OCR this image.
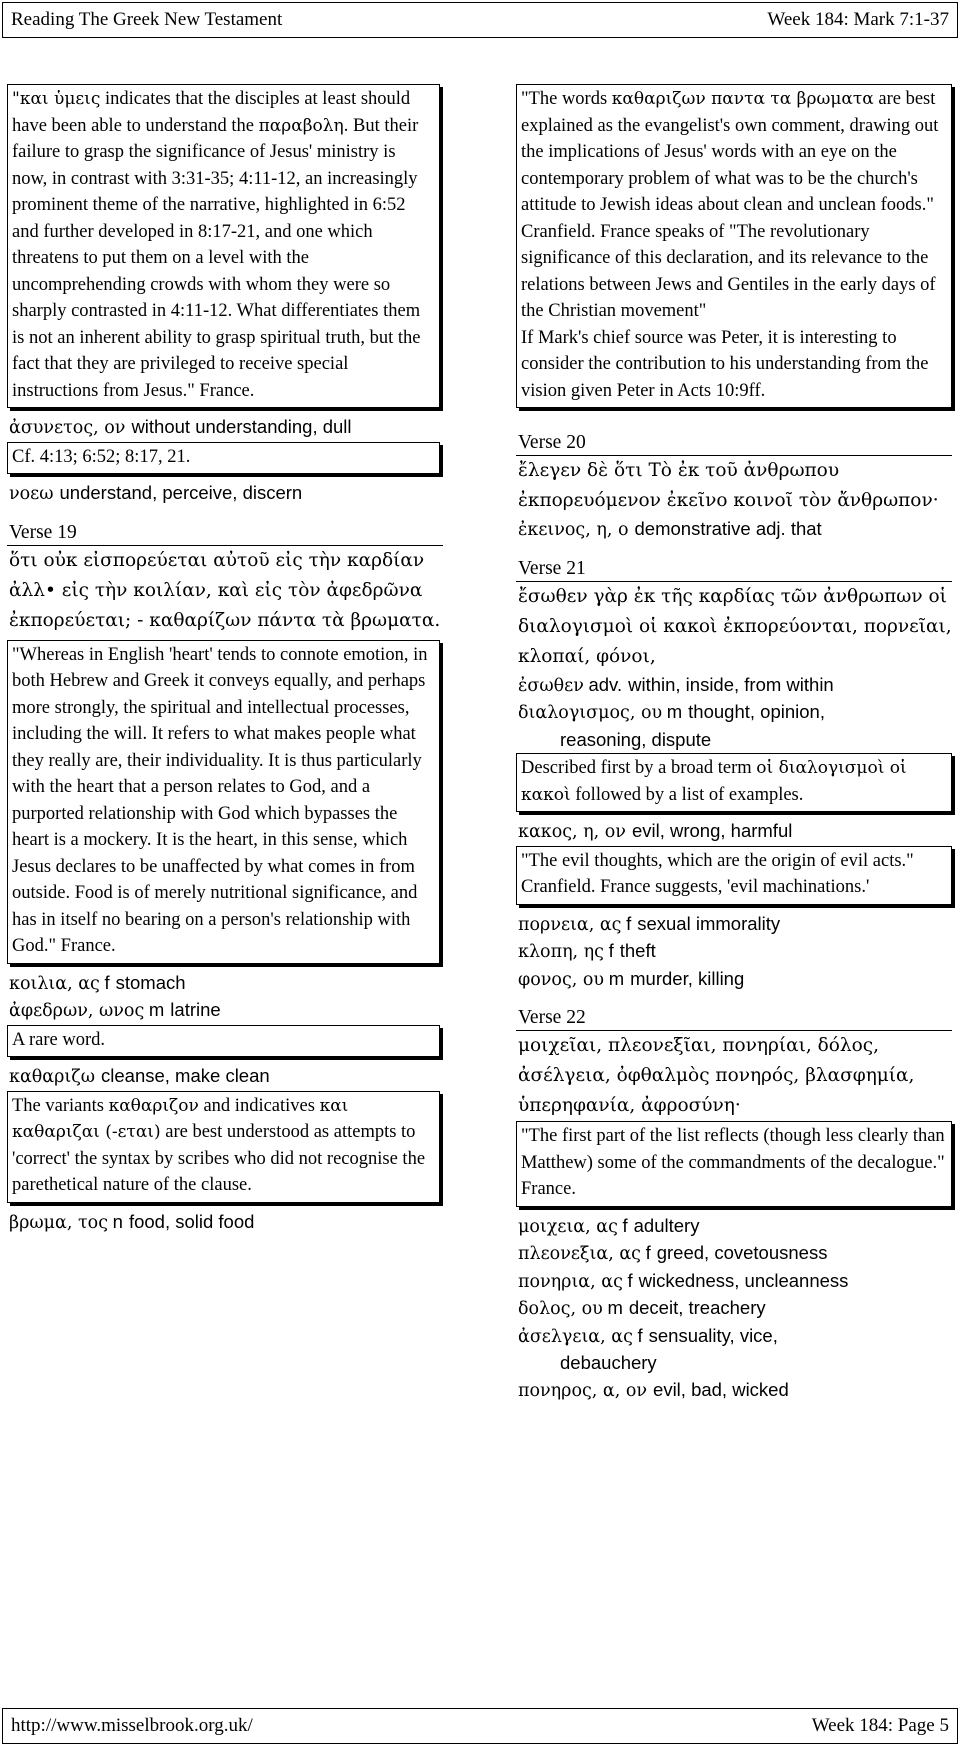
Reading The Greek New Testament	Week 184: Mark 7:1-37
"και ὑμεις indicates that the disciples at least should have been able to understand the παραβολη. But their failure to grasp the significance of Jesus' ministry is now, in contrast with 3:31-35; 4:11-12, an increasingly prominent theme of the narrative, highlighted in 6:52 and further developed in 8:17-21, and one which threatens to put them on a level with the uncomprehending crowds with whom they were so sharply contrasted in 4:11-12. What differentiates them is not an inherent ability to grasp spiritual truth, but the fact that they are privileged to receive special instructions from Jesus." France.
ἀσυνετος, ον without understanding, dull
Cf. 4:13; 6:52; 8:17, 21.
νοεω understand, perceive, discern
Verse 19
ὅτι οὐκ εἰσπορεύεται αὐτοῦ εἰς τὴν καρδίαν ἀλλ• εἰς τὴν κοιλίαν, καὶ εἰς τὸν ἀφεδρῶνα ἐκπορεύεται; - καθαρίζων πάντα τὰ βρωματα.
"Whereas in English 'heart' tends to connote emotion, in both Hebrew and Greek it conveys equally, and perhaps more strongly, the spiritual and intellectual processes, including the will. It refers to what makes people what they really are, their individuality. It is thus particularly with the heart that a person relates to God, and a purported relationship with God which bypasses the heart is a mockery. It is the heart, in this sense, which Jesus declares to be unaffected by what comes in from outside. Food is of merely nutritional significance, and has in itself no bearing on a person's relationship with God." France.
κοιλια, ας f stomach
ἀφεδρων, ωνος m latrine
A rare word.
καθαριζω cleanse, make clean
The variants καθαριζον and indicatives και καθαριζαι (-εται) are best understood as attempts to 'correct' the syntax by scribes who did not recognise the parethetical nature of the clause.
βρωμα, τος n food, solid food
"The words καθαριζων παντα τα βρωματα are best explained as the evangelist's own comment, drawing out the implications of Jesus' words with an eye on the contemporary problem of what was to be the church's attitude to Jewish ideas about clean and unclean foods." Cranfield. France speaks of "The revolutionary significance of this declaration, and its relevance to the relations between Jews and Gentiles in the early days of the Christian movement"
If Mark's chief source was Peter, it is interesting to consider the contribution to his understanding from the vision given Peter in Acts 10:9ff.
Verse 20
ἔλεγεν δὲ ὅτι Τὸ ἐκ τοῦ ἀνθρωπου ἐκπορευόμενον ἐκεῖνο κοινοῖ τὸν ἄνθρωπον·
ἐκεινος, η, ο demonstrative adj. that
Verse 21
ἔσωθεν γὰρ ἐκ τῆς καρδίας τῶν ἀνθρωπων οἱ διαλογισμοὶ οἱ κακοὶ ἐκπορεύονται, πορνεῖαι, κλοπαί, φόνοι,
ἐσωθεν adv. within, inside, from within
διαλογισμος, ου m thought, opinion,
reasoning, dispute
Described first by a broad term οἱ διαλογισμοὶ οἱ κακοὶ followed by a list of examples.
κακος, η, ον evil, wrong, harmful
"The evil thoughts, which are the origin of evil acts." Cranfield. France suggests, 'evil machinations.'
πορνεια, ας f sexual immorality
κλοπη, ης f theft
φονος, ου m murder, killing
Verse 22
μοιχεῖαι, πλεονεξῖαι, πονηρίαι, δόλος, ἀσέλγεια, ὀφθαλμὸς πονηρός, βλασφημία, ὑπερηφανία, ἀφροσύνη·
"The first part of the list reflects (though less clearly than Matthew) some of the commandments of the decalogue." France.
μοιχεια, ας f adultery
πλεονεξια, ας f greed, covetousness
πονηρια, ας f wickedness, uncleanness
δολος, ου m deceit, treachery
ἀσελγεια, ας f sensuality, vice,
debauchery
πονηρος, α, ον evil, bad, wicked
http://www.misselbrook.org.uk/	Week 184: Page 5
